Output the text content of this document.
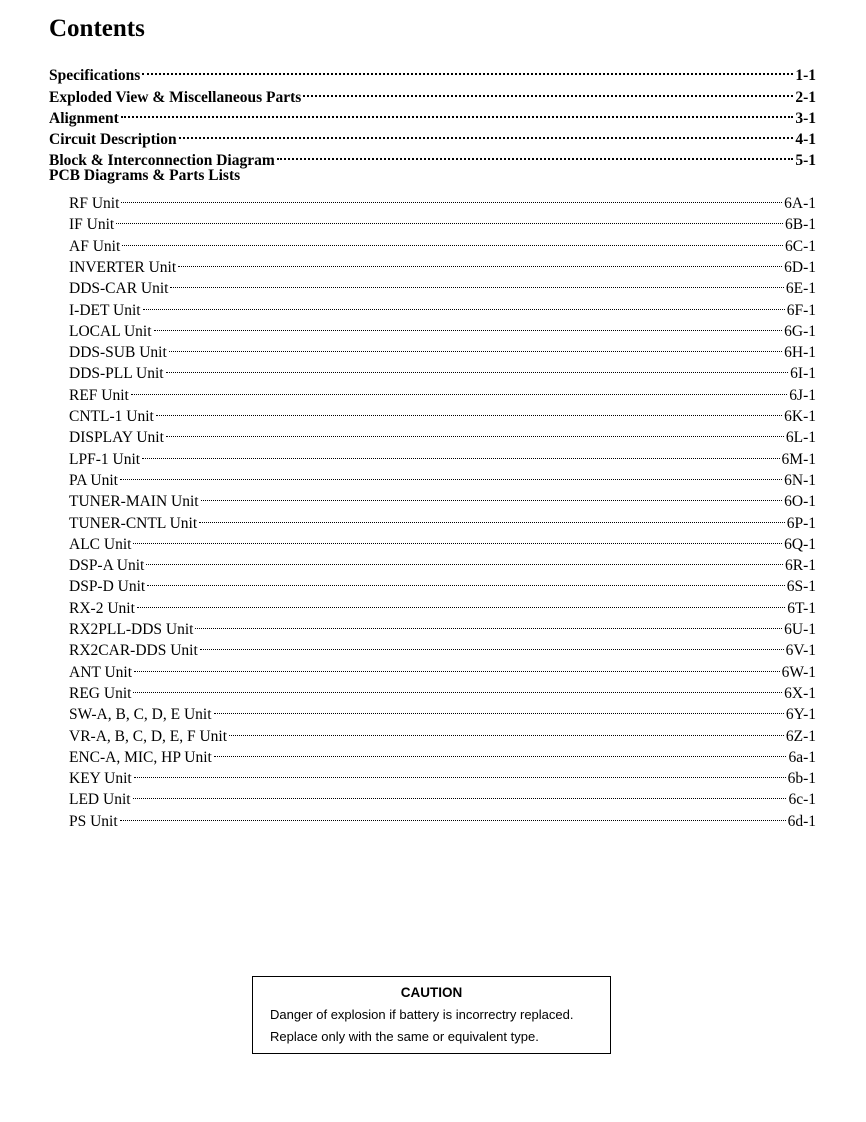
Contents
Specifications	1-1
Exploded View & Miscellaneous Parts	2-1
Alignment	3-1
Circuit Description	4-1
Block & Interconnection Diagram	5-1
PCB Diagrams & Parts Lists
RF Unit	6A-1
IF Unit	6B-1
AF Unit	6C-1
INVERTER Unit	6D-1
DDS-CAR Unit	6E-1
I-DET Unit	6F-1
LOCAL Unit	6G-1
DDS-SUB Unit	6H-1
DDS-PLL Unit	6I-1
REF Unit	6J-1
CNTL-1 Unit	6K-1
DISPLAY Unit	6L-1
LPF-1 Unit	6M-1
PA Unit	6N-1
TUNER-MAIN Unit	6O-1
TUNER-CNTL Unit	6P-1
ALC Unit	6Q-1
DSP-A Unit	6R-1
DSP-D Unit	6S-1
RX-2 Unit	6T-1
RX2PLL-DDS Unit	6U-1
RX2CAR-DDS Unit	6V-1
ANT Unit	6W-1
REG Unit	6X-1
SW-A, B, C, D, E Unit	6Y-1
VR-A, B, C, D, E, F Unit	6Z-1
ENC-A, MIC, HP Unit	6a-1
KEY Unit	6b-1
LED Unit	6c-1
PS Unit	6d-1
CAUTION
Danger of explosion if battery is incorrectry replaced.
Replace only with the same or equivalent type.
